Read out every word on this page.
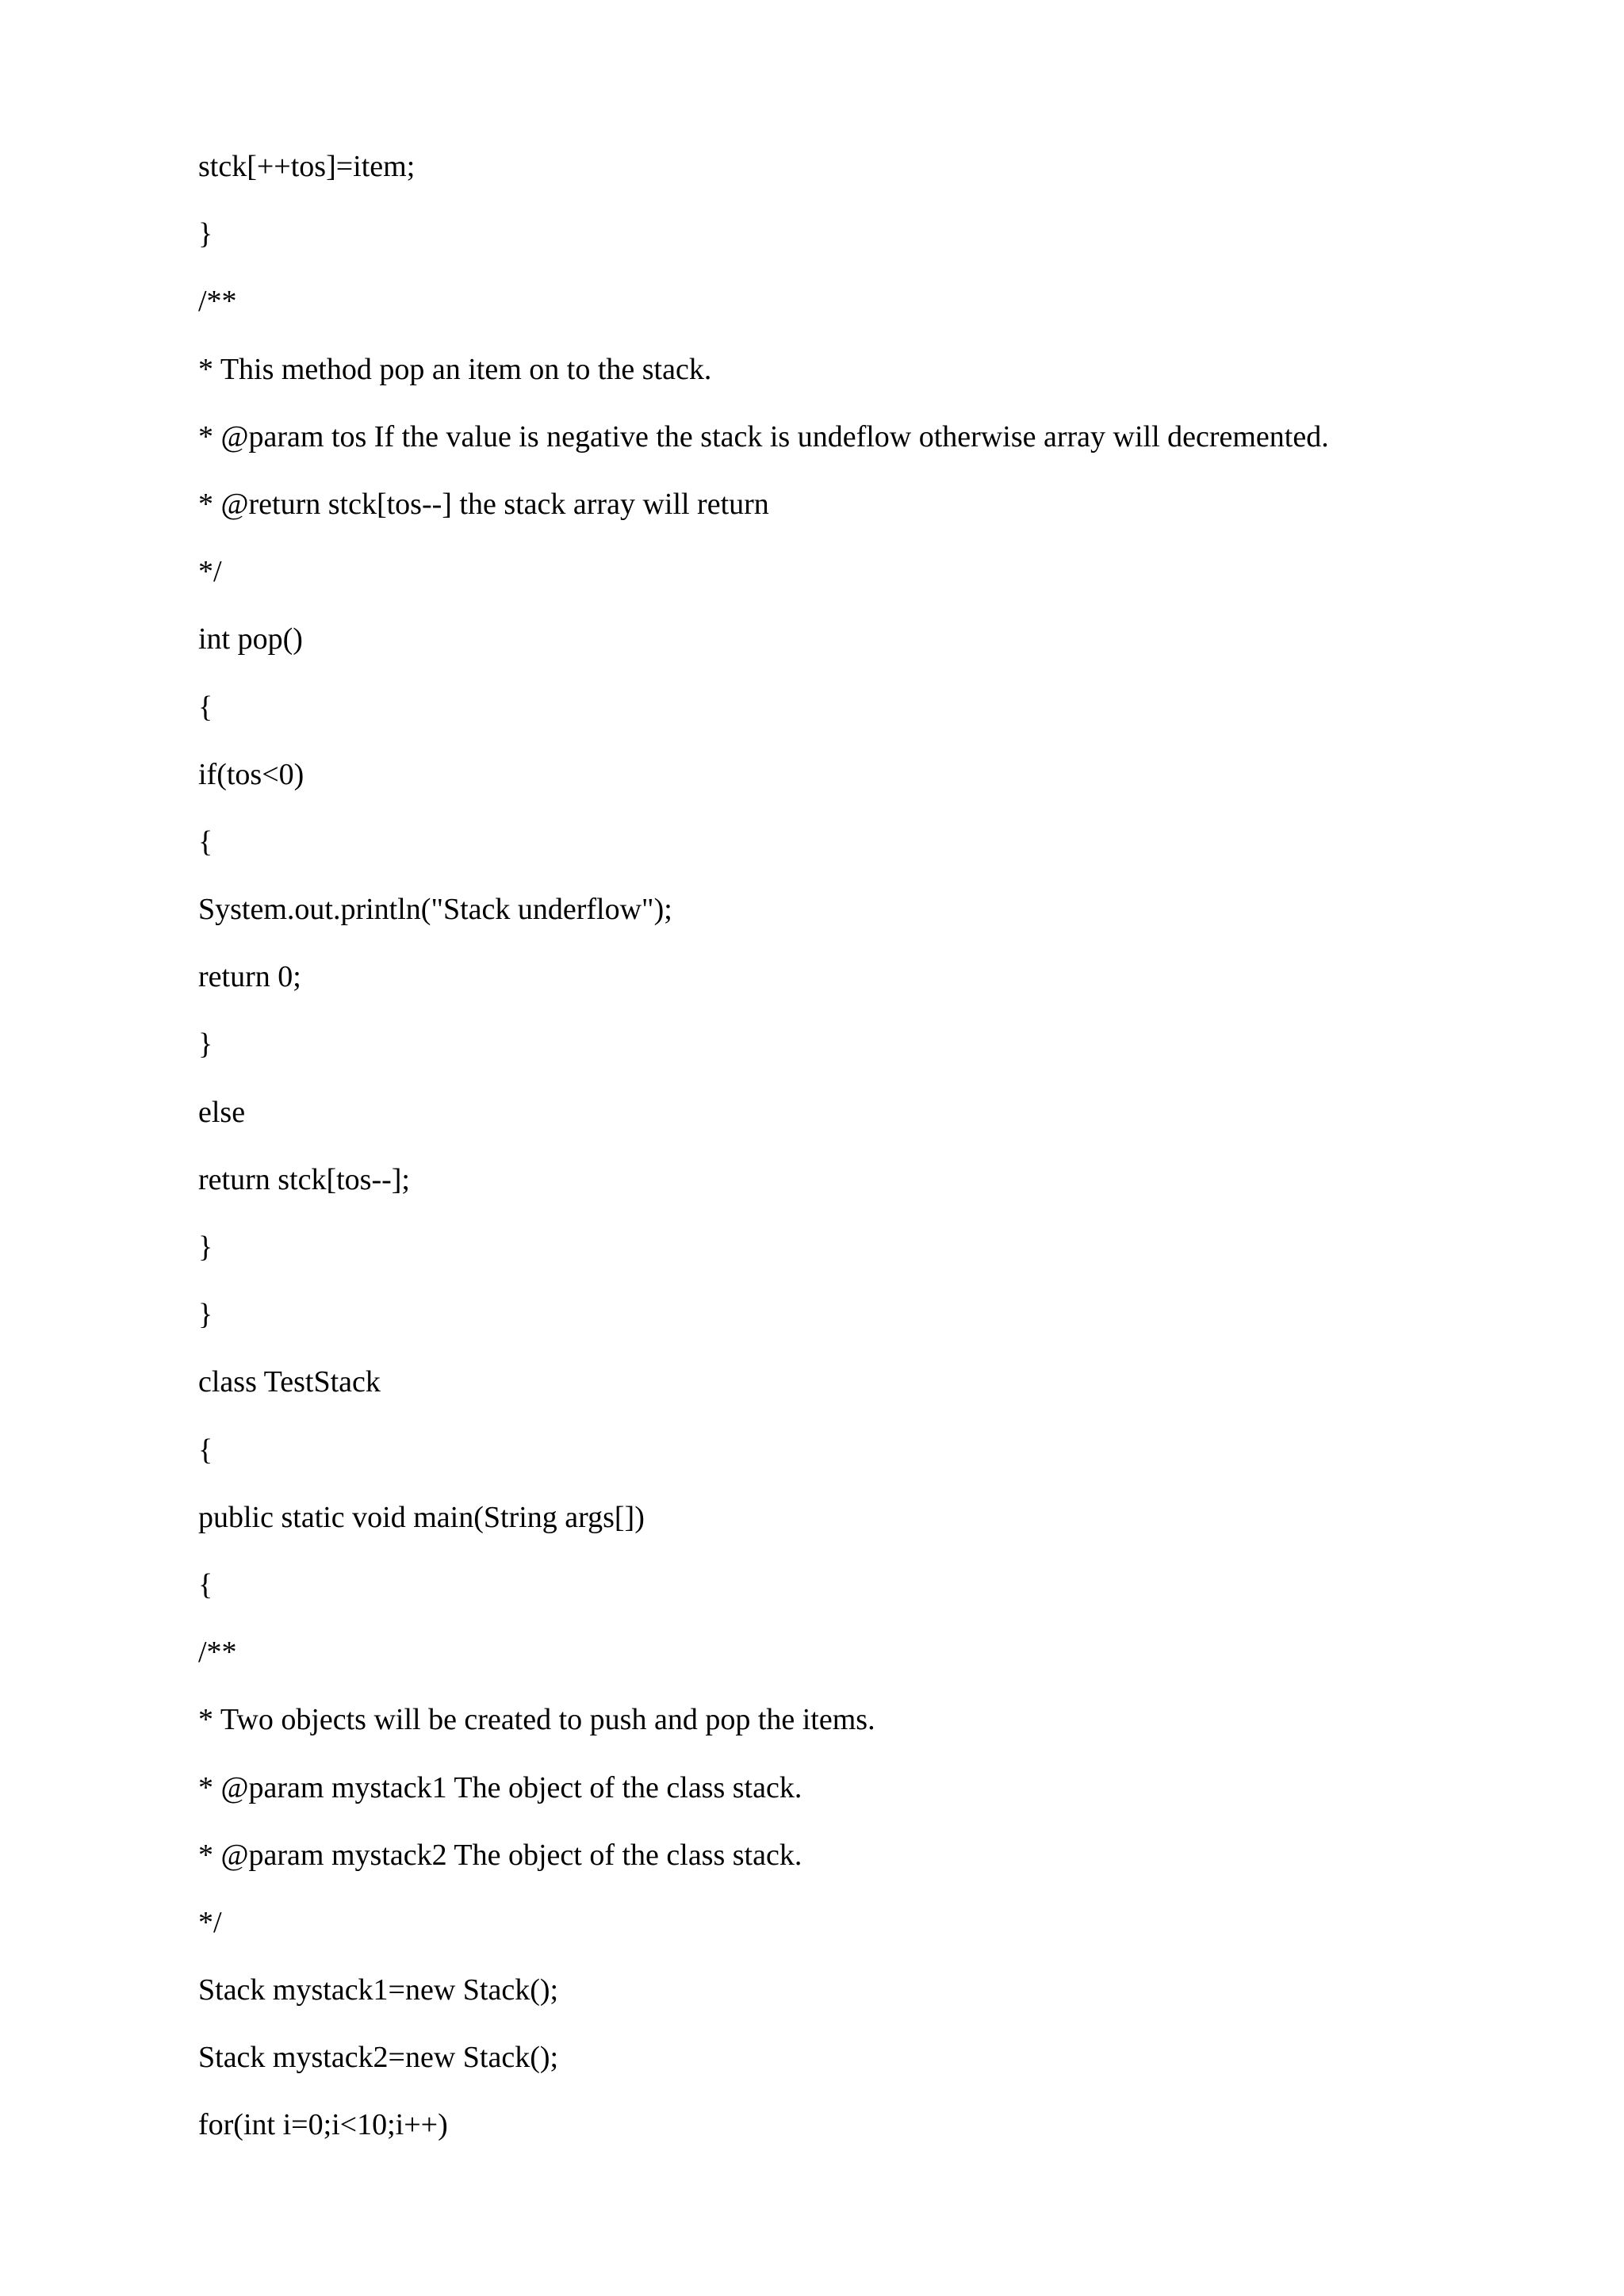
stck[++tos]=item;
}
/**
* This method pop an item on to the stack.
* @param tos If the value is negative the stack is undeflow otherwise array will decremented.
* @return stck[tos--] the stack array will return
*/
int pop()
{
if(tos<0)
{
System.out.println("Stack underflow");
return 0;
}
else
return stck[tos--];
}
}
class TestStack
{
public static void main(String args[])
{
/**
* Two objects will be created to push and pop the items.
* @param mystack1 The object of the class stack.
* @param mystack2 The object of the class stack.
*/
Stack mystack1=new Stack();
Stack mystack2=new Stack();
for(int i=0;i<10;i++)
